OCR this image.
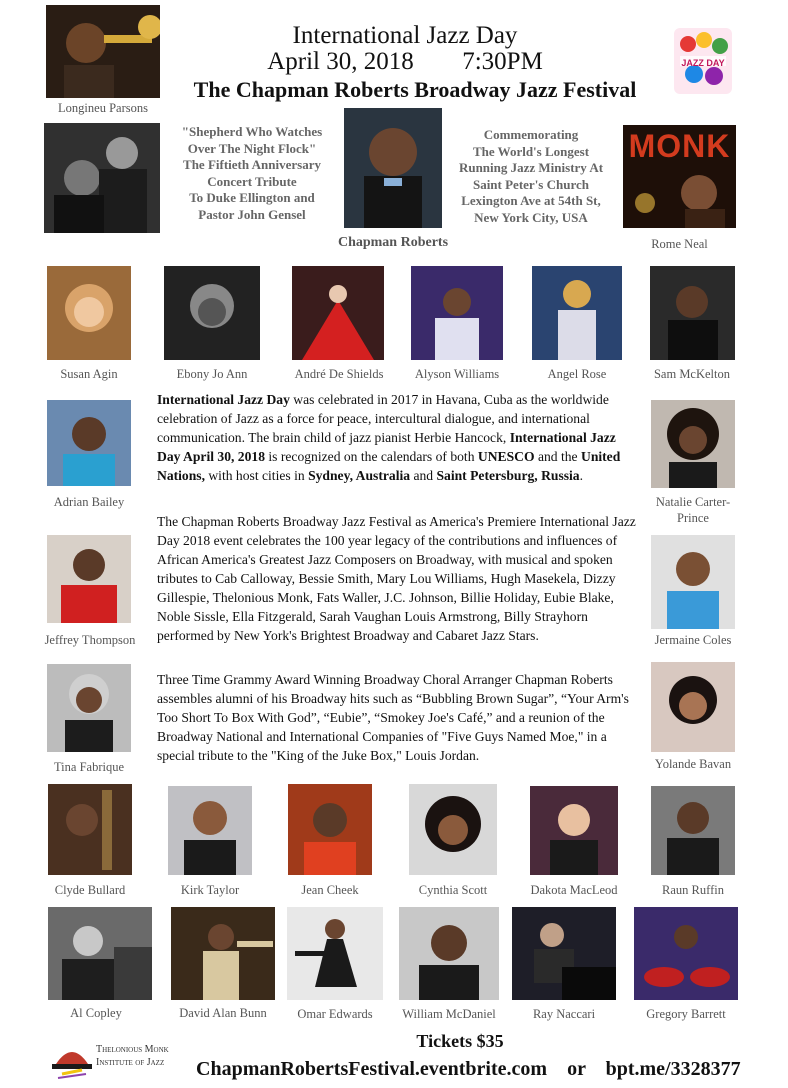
International Jazz Day
April 30, 2018 7:30PM
The Chapman Roberts Broadway Jazz Festival
Longineu Parsons
JAZZ DAY
"Shepherd Who Watches
Over The Night Flock"
The Fiftieth Anniversary
Concert Tribute
To Duke Ellington and
Pastor John Gensel
Chapman Roberts
Commemorating
The World's Longest
Running Jazz Ministry At
Saint Peter's Church
Lexington Ave at 54th St,
New York City, USA
MONK
Rome Neal
Susan Agin	Ebony Jo Ann	André De Shields	Alyson Williams	Angel Rose	Sam McKelton
Adrian Bailey	Natalie Carter-
Prince
Jeffrey Thompson	Jermaine Coles
Tina Fabrique	Yolande Bavan
International Jazz Day was celebrated in 2017 in Havana, Cuba as the worldwide celebration of Jazz as a force for peace, intercultural dialogue, and international communication. The brain child of jazz pianist Herbie Hancock, International Jazz Day April 30, 2018 is recognized on the calendars of both UNESCO and the United Nations, with host cities in Sydney, Australia and Saint Petersburg, Russia.
The Chapman Roberts Broadway Jazz Festival as America's Premiere International Jazz Day 2018 event celebrates the 100 year legacy of the contributions and influences of African America's Greatest Jazz Composers on Broadway, with musical and spoken tributes to Cab Calloway, Bessie Smith, Mary Lou Williams, Hugh Masekela, Dizzy Gillespie, Thelonious Monk, Fats Waller, J.C. Johnson, Billie Holiday, Eubie Blake, Noble Sissle, Ella Fitzgerald, Sarah Vaughan Louis Armstrong, Billy Strayhorn performed by New York's Brightest Broadway and Cabaret Jazz Stars.
Three Time Grammy Award Winning Broadway Choral Arranger Chapman Roberts assembles alumni of his Broadway hits such as “Bubbling Brown Sugar”, “Your Arm's Too Short To Box With God”, “Eubie”, “Smokey Joe's Café,” and a reunion of the Broadway National and International Companies of "Five Guys Named Moe," in a special tribute to the "King of the Juke Box," Louis Jordan.
Clyde Bullard	Kirk Taylor	Jean Cheek	Cynthia Scott	Dakota MacLeod	Raun Ruffin
Al Copley	David Alan Bunn	Omar Edwards	William McDaniel	Ray Naccari	Gregory Barrett
Thelonious Monk
Institute of Jazz
Tickets $35
ChapmanRobertsFestival.eventbrite.com or bpt.me/3328377
